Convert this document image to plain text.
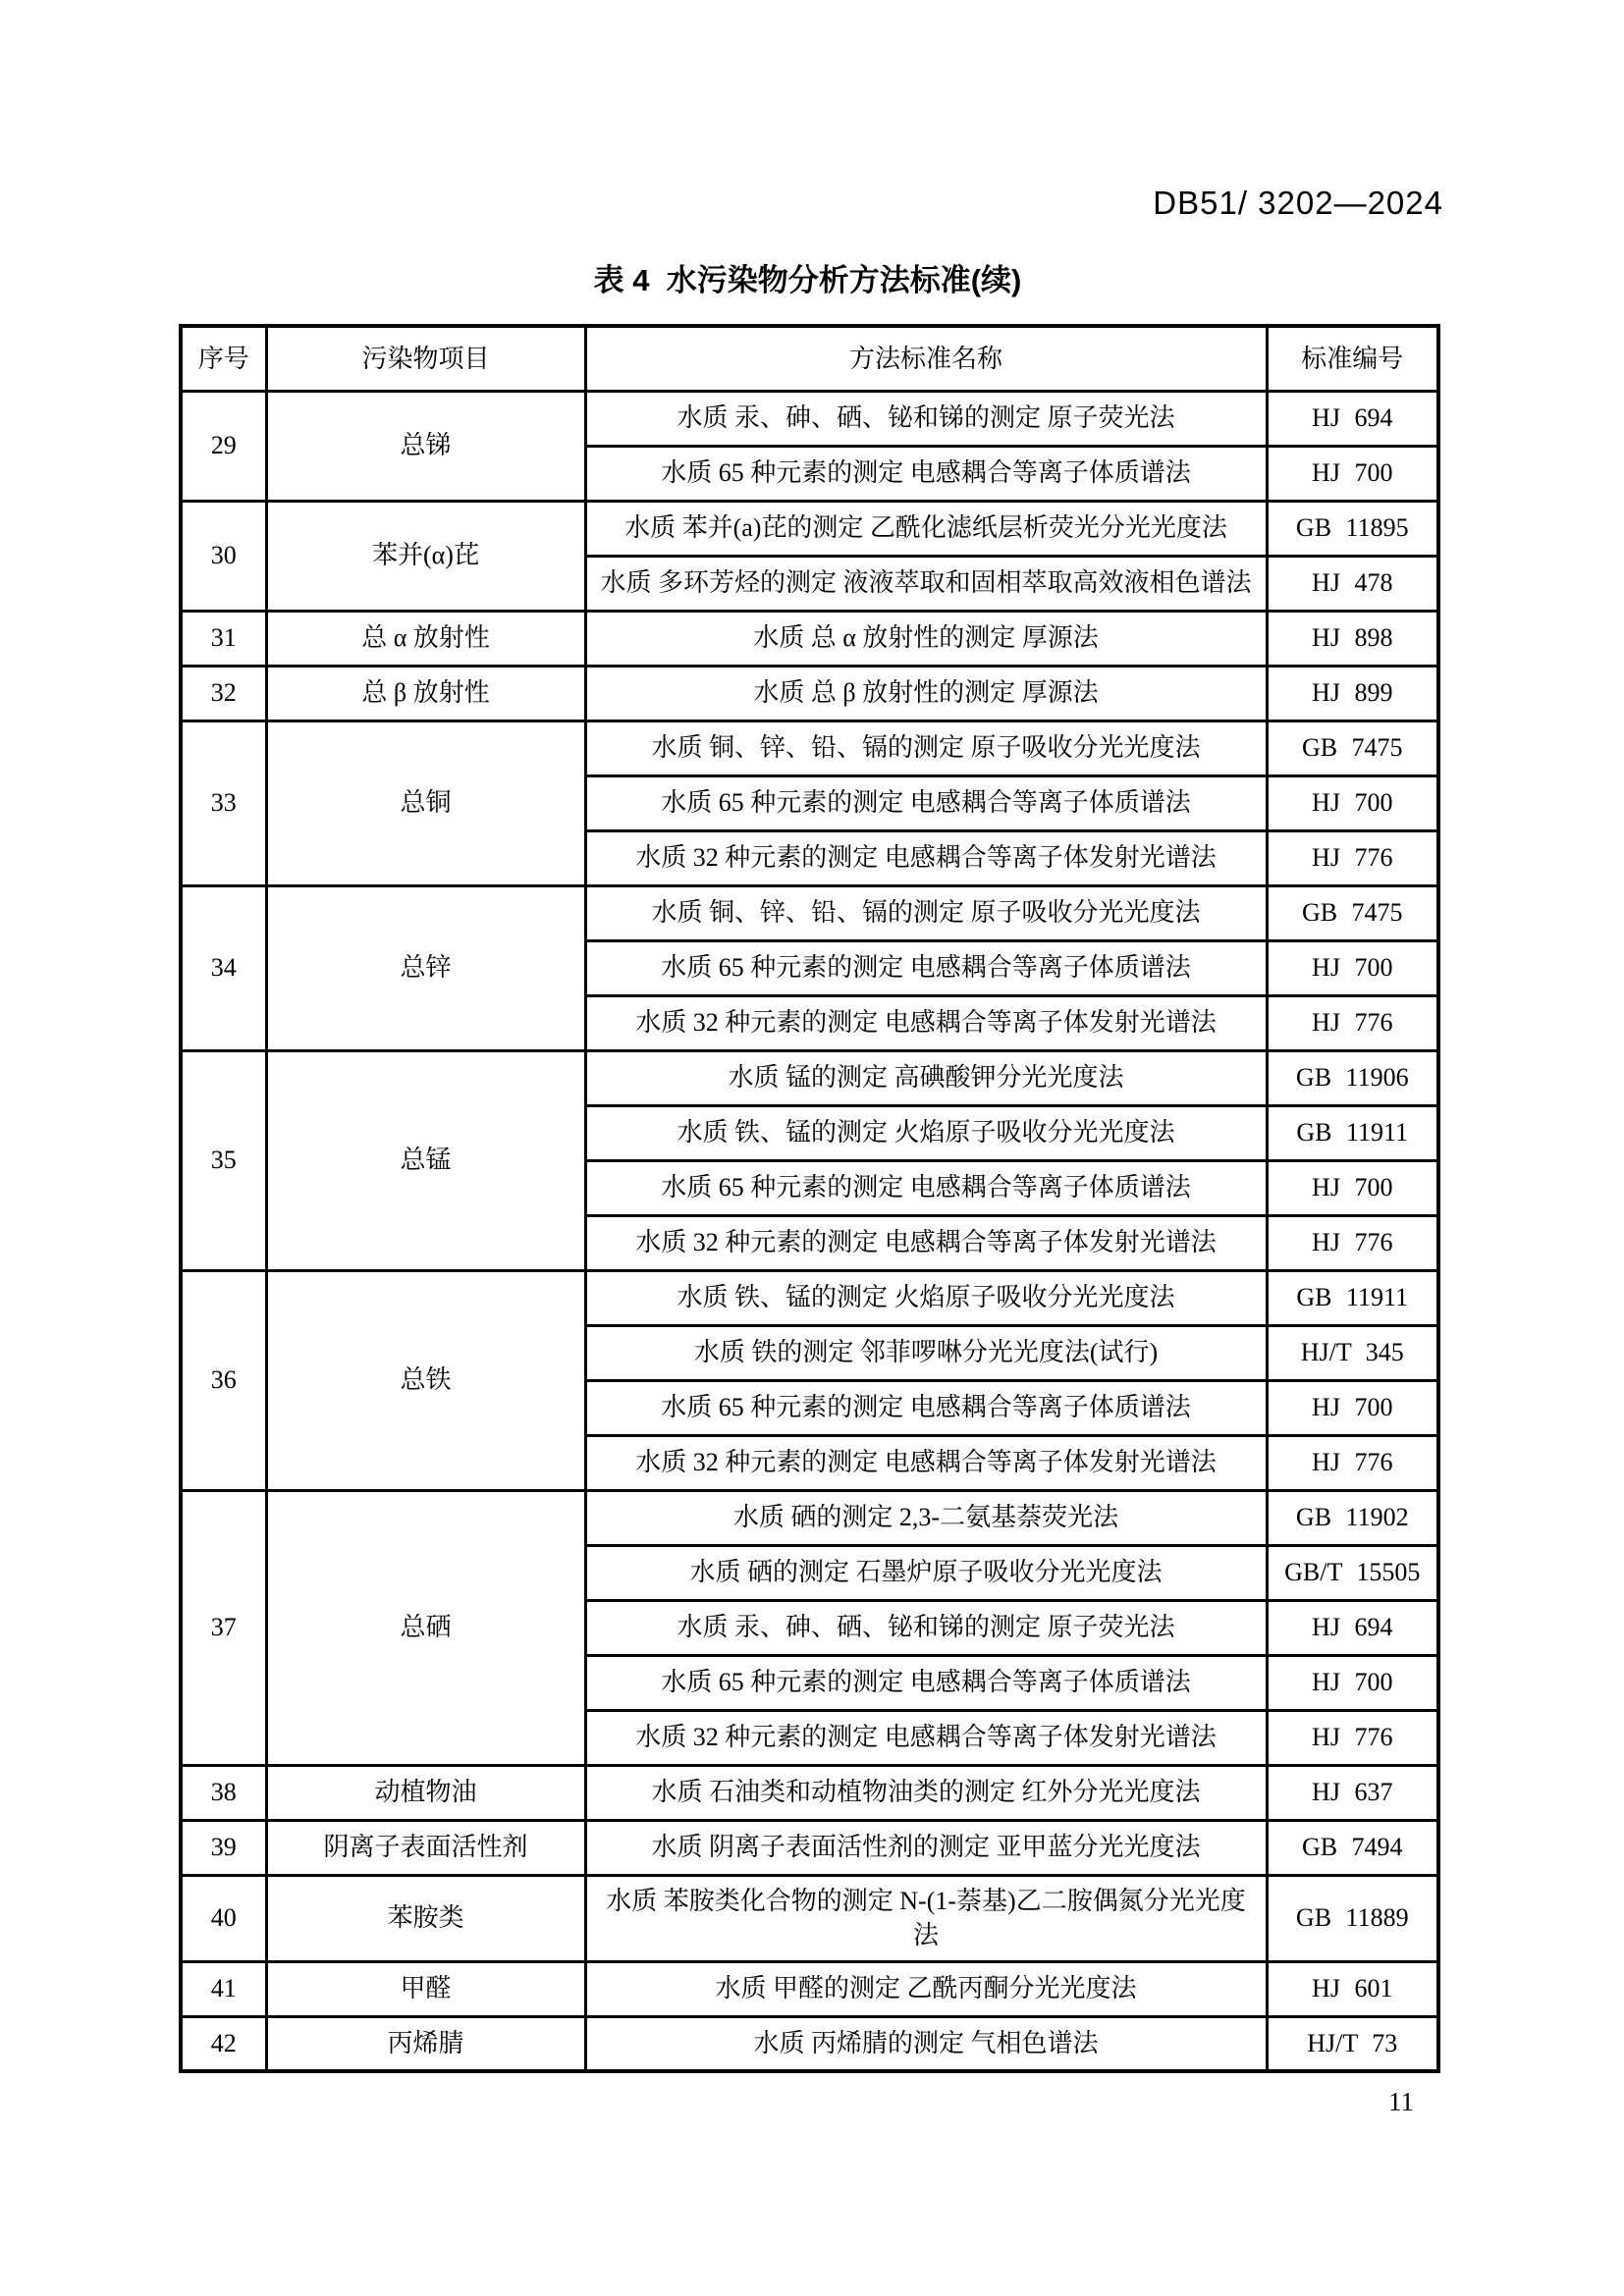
DB51/ 3202—2024
表 4  水污染物分析方法标准(续)
序号	污染物项目	方法标准名称	标准编号
29	总锑	水质 汞、砷、硒、铋和锑的测定 原子荧光法	HJ 694
		水质 65 种元素的测定 电感耦合等离子体质谱法	HJ 700
30	苯并(α)芘	水质 苯并(a)芘的测定 乙酰化滤纸层析荧光分光光度法	GB 11895
		水质 多环芳烃的测定 液液萃取和固相萃取高效液相色谱法	HJ 478
31	总 α 放射性	水质 总 α 放射性的测定 厚源法	HJ 898
32	总 β 放射性	水质 总 β 放射性的测定 厚源法	HJ 899
33	总铜	水质 铜、锌、铅、镉的测定 原子吸收分光光度法	GB 7475
		水质 65 种元素的测定 电感耦合等离子体质谱法	HJ 700
		水质 32 种元素的测定 电感耦合等离子体发射光谱法	HJ 776
34	总锌	水质 铜、锌、铅、镉的测定 原子吸收分光光度法	GB 7475
		水质 65 种元素的测定 电感耦合等离子体质谱法	HJ 700
		水质 32 种元素的测定 电感耦合等离子体发射光谱法	HJ 776
35	总锰	水质 锰的测定 高碘酸钾分光光度法	GB 11906
		水质 铁、锰的测定 火焰原子吸收分光光度法	GB 11911
		水质 65 种元素的测定 电感耦合等离子体质谱法	HJ 700
		水质 32 种元素的测定 电感耦合等离子体发射光谱法	HJ 776
36	总铁	水质 铁、锰的测定 火焰原子吸收分光光度法	GB 11911
		水质 铁的测定 邻菲啰啉分光光度法(试行)	HJ/T 345
		水质 65 种元素的测定 电感耦合等离子体质谱法	HJ 700
		水质 32 种元素的测定 电感耦合等离子体发射光谱法	HJ 776
37	总硒	水质 硒的测定 2,3-二氨基萘荧光法	GB 11902
		水质 硒的测定 石墨炉原子吸收分光光度法	GB/T 15505
		水质 汞、砷、硒、铋和锑的测定 原子荧光法	HJ 694
		水质 65 种元素的测定 电感耦合等离子体质谱法	HJ 700
		水质 32 种元素的测定 电感耦合等离子体发射光谱法	HJ 776
38	动植物油	水质 石油类和动植物油类的测定 红外分光光度法	HJ 637
39	阴离子表面活性剂	水质 阴离子表面活性剂的测定 亚甲蓝分光光度法	GB 7494
40	苯胺类	水质 苯胺类化合物的测定 N-(1-萘基)乙二胺偶氮分光光度法	GB 11889
41	甲醛	水质 甲醛的测定 乙酰丙酮分光光度法	HJ 601
42	丙烯腈	水质 丙烯腈的测定 气相色谱法	HJ/T 73
11
